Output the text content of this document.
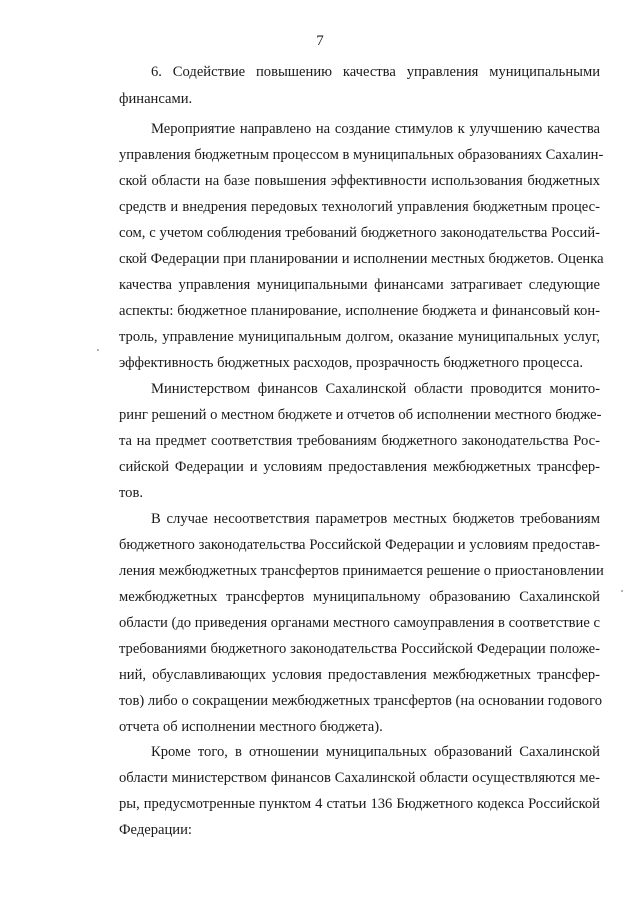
7
6. Содействие повышению качества управления муниципальными
финансами.
Мероприятие направлено на создание стимулов к улучшению качества
управления бюджетным процессом в муниципальных образованиях Сахалин-
ской области на базе повышения эффективности использования бюджетных
средств и внедрения передовых технологий управления бюджетным процес-
сом, с учетом соблюдения требований бюджетного законодательства Россий-
ской Федерации при планировании и исполнении местных бюджетов. Оценка
качества управления муниципальными финансами затрагивает следующие
аспекты: бюджетное планирование, исполнение бюджета и финансовый кон-
троль, управление муниципальным долгом, оказание муниципальных услуг,
эффективность бюджетных расходов, прозрачность бюджетного процесса.
Министерством финансов Сахалинской области проводится монито-
ринг решений о местном бюджете и отчетов об исполнении местного бюдже-
та на предмет соответствия требованиям бюджетного законодательства Рос-
сийской Федерации и условиям предоставления межбюджетных трансфер-
тов.
В случае несоответствия параметров местных бюджетов требованиям
бюджетного законодательства Российской Федерации и условиям предостав-
ления межбюджетных трансфертов принимается решение о приостановлении
межбюджетных трансфертов муниципальному образованию Сахалинской
области (до приведения органами местного самоуправления в соответствие с
требованиями бюджетного законодательства Российской Федерации положе-
ний, обуславливающих условия предоставления межбюджетных трансфер-
тов) либо о сокращении межбюджетных трансфертов (на основании годового
отчета об исполнении местного бюджета).
Кроме того, в отношении муниципальных образований Сахалинской
области министерством финансов Сахалинской области осуществляются ме-
ры, предусмотренные пунктом 4 статьи 136 Бюджетного кодекса Российской
Федерации:
